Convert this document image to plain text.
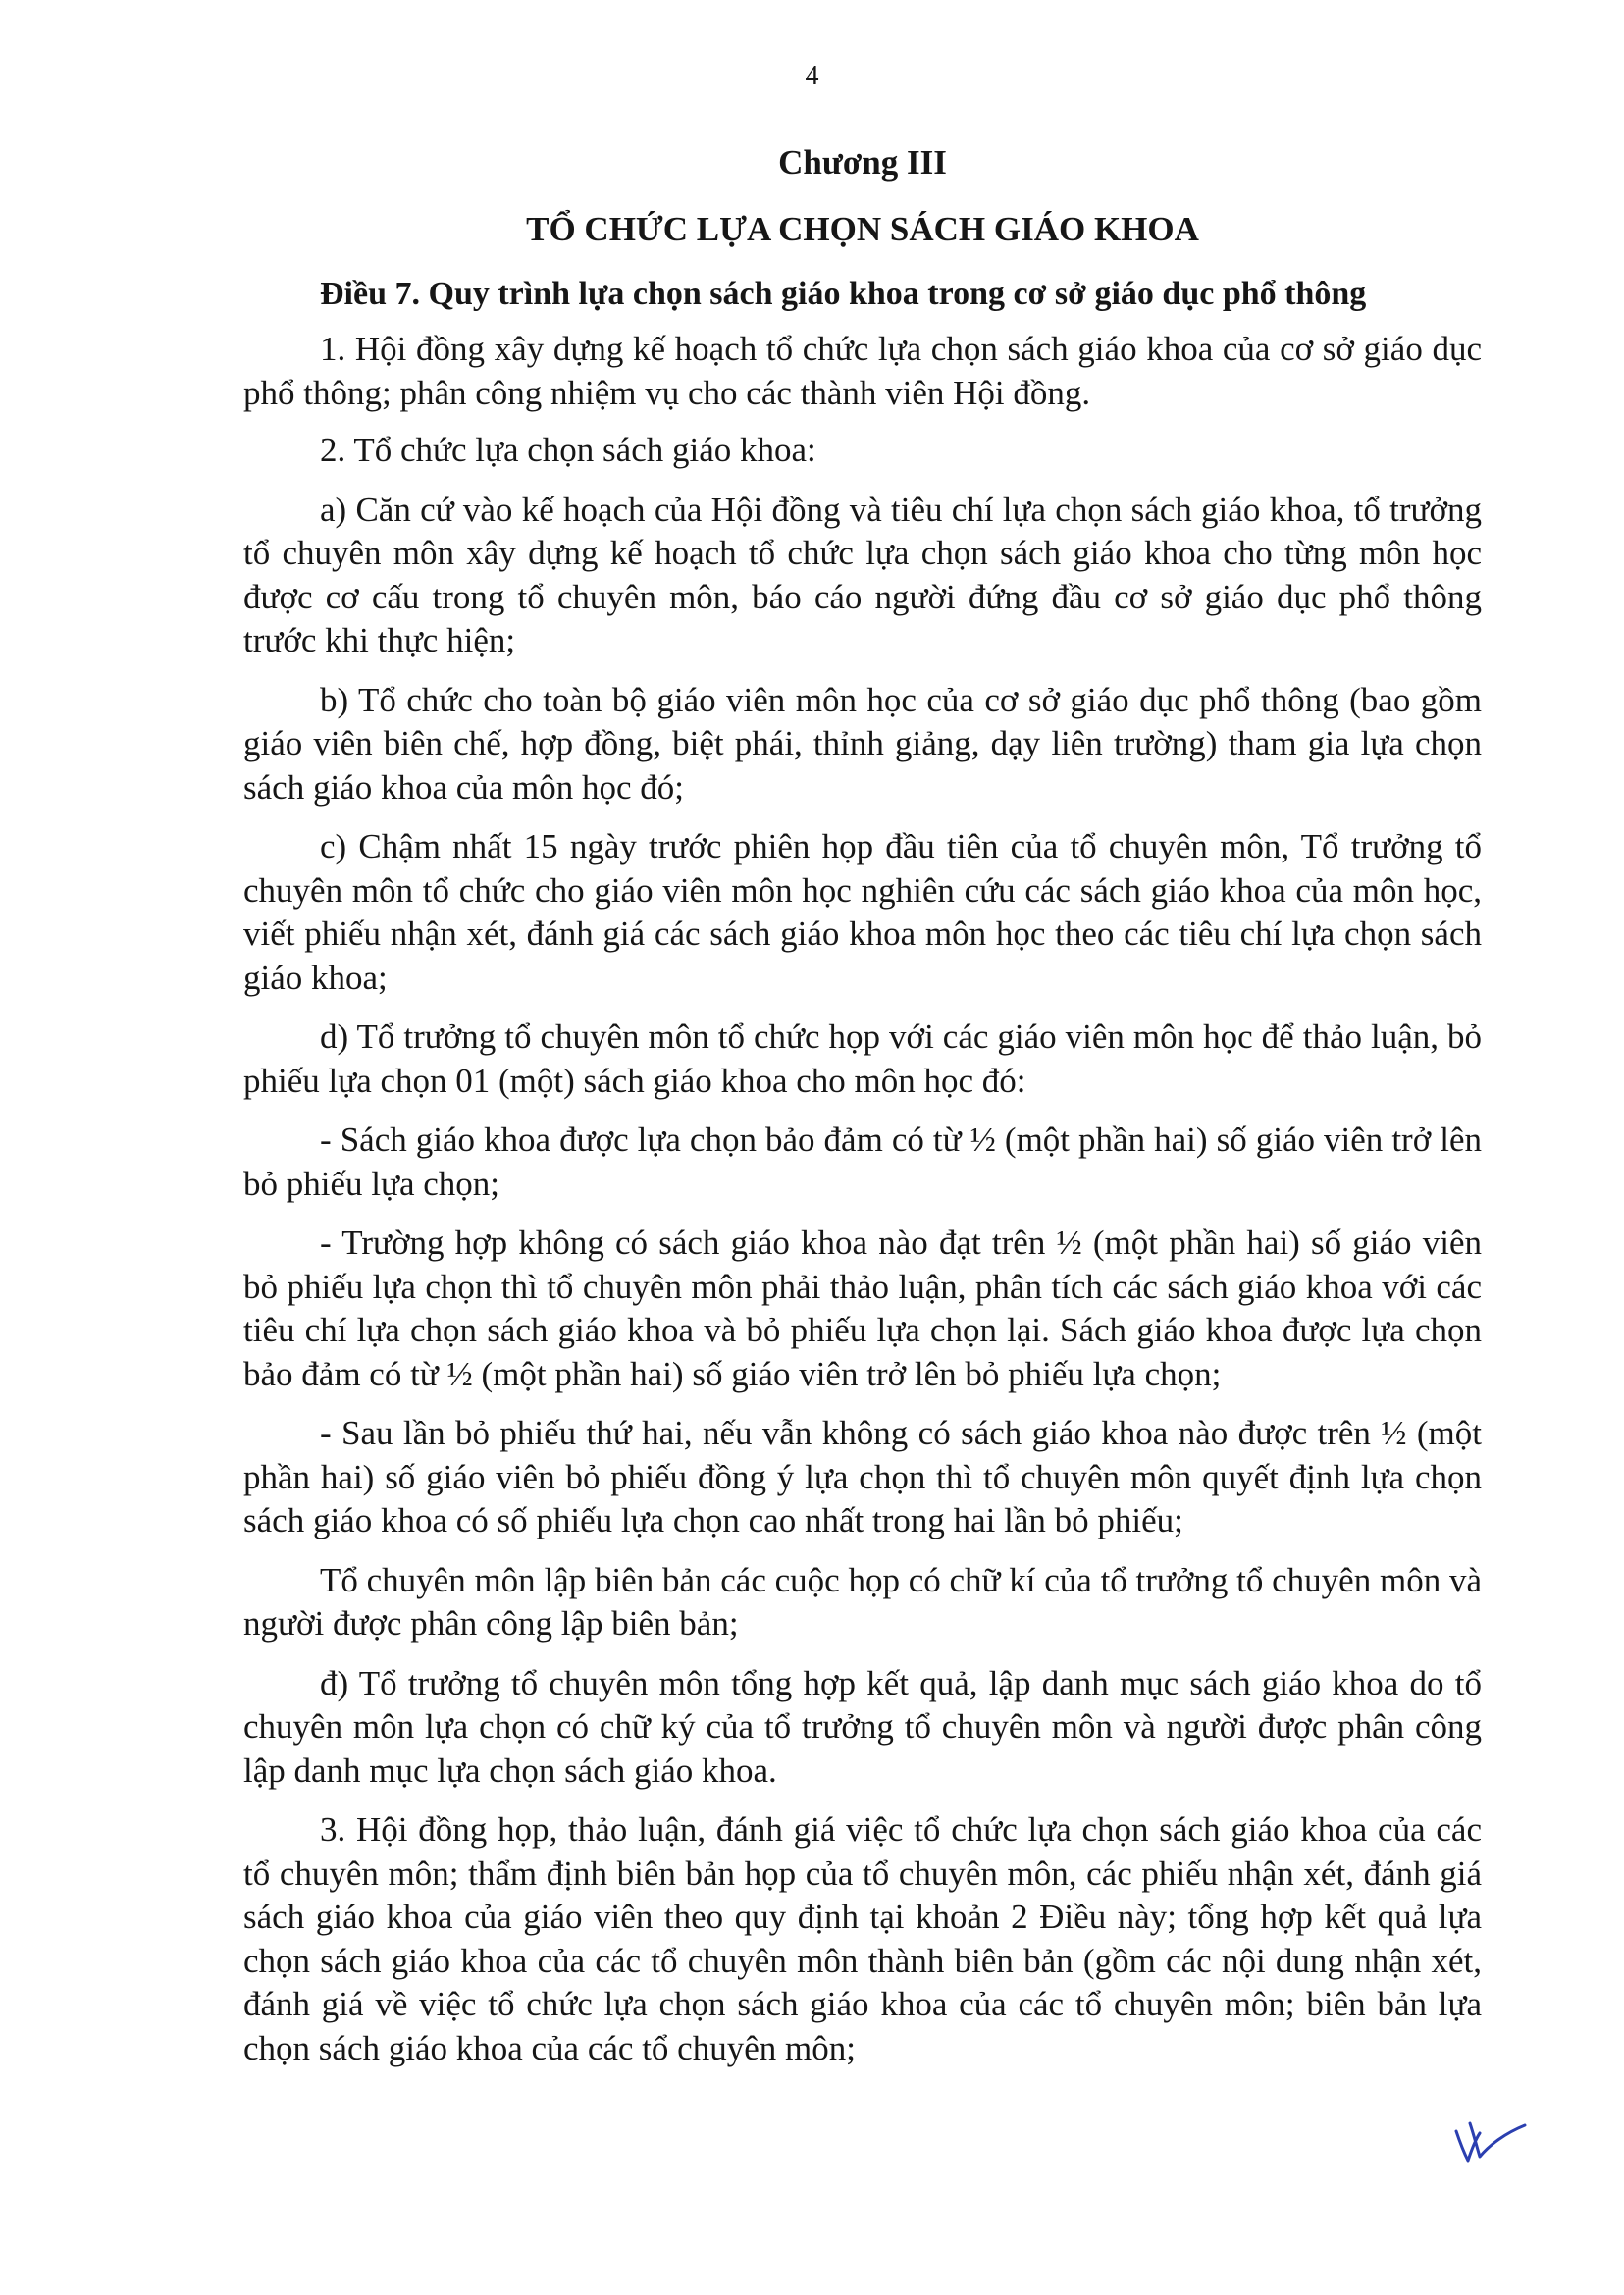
4
Chương III
TỔ CHỨC LỰA CHỌN SÁCH GIÁO KHOA
Điều 7. Quy trình lựa chọn sách giáo khoa trong cơ sở giáo dục phổ thông

1. Hội đồng xây dựng kế hoạch tổ chức lựa chọn sách giáo khoa của cơ sở giáo dục phổ thông; phân công nhiệm vụ cho các thành viên Hội đồng.

2. Tổ chức lựa chọn sách giáo khoa:

a) Căn cứ vào kế hoạch của Hội đồng và tiêu chí lựa chọn sách giáo khoa, tổ trưởng tổ chuyên môn xây dựng kế hoạch tổ chức lựa chọn sách giáo khoa cho từng môn học được cơ cấu trong tổ chuyên môn, báo cáo người đứng đầu cơ sở giáo dục phổ thông trước khi thực hiện;

b) Tổ chức cho toàn bộ giáo viên môn học của cơ sở giáo dục phổ thông (bao gồm giáo viên biên chế, hợp đồng, biệt phái, thỉnh giảng, dạy liên trường) tham gia lựa chọn sách giáo khoa của môn học đó;

c) Chậm nhất 15 ngày trước phiên họp đầu tiên của tổ chuyên môn, Tổ trưởng tổ chuyên môn tổ chức cho giáo viên môn học nghiên cứu các sách giáo khoa của môn học, viết phiếu nhận xét, đánh giá các sách giáo khoa môn học theo các tiêu chí lựa chọn sách giáo khoa;

d) Tổ trưởng tổ chuyên môn tổ chức họp với các giáo viên môn học để thảo luận, bỏ phiếu lựa chọn 01 (một) sách giáo khoa cho môn học đó:

- Sách giáo khoa được lựa chọn bảo đảm có từ ½ (một phần hai) số giáo viên trở lên bỏ phiếu lựa chọn;

- Trường hợp không có sách giáo khoa nào đạt trên ½ (một phần hai) số giáo viên bỏ phiếu lựa chọn thì tổ chuyên môn phải thảo luận, phân tích các sách giáo khoa với các tiêu chí lựa chọn sách giáo khoa và bỏ phiếu lựa chọn lại. Sách giáo khoa được lựa chọn bảo đảm có từ ½ (một phần hai) số giáo viên trở lên bỏ phiếu lựa chọn;

- Sau lần bỏ phiếu thứ hai, nếu vẫn không có sách giáo khoa nào được trên ½ (một phần hai) số giáo viên bỏ phiếu đồng ý lựa chọn thì tổ chuyên môn quyết định lựa chọn sách giáo khoa có số phiếu lựa chọn cao nhất trong hai lần bỏ phiếu;

Tổ chuyên môn lập biên bản các cuộc họp có chữ kí của tổ trưởng tổ chuyên môn và người được phân công lập biên bản;

đ) Tổ trưởng tổ chuyên môn tổng hợp kết quả, lập danh mục sách giáo khoa do tổ chuyên môn lựa chọn có chữ ký của tổ trưởng tổ chuyên môn và người được phân công lập danh mục lựa chọn sách giáo khoa.

3. Hội đồng họp, thảo luận, đánh giá việc tổ chức lựa chọn sách giáo khoa của các tổ chuyên môn; thẩm định biên bản họp của tổ chuyên môn, các phiếu nhận xét, đánh giá sách giáo khoa của giáo viên theo quy định tại khoản 2 Điều này; tổng hợp kết quả lựa chọn sách giáo khoa của các tổ chuyên môn thành biên bản (gồm các nội dung nhận xét, đánh giá về việc tổ chức lựa chọn sách giáo khoa của các tổ chuyên môn; biên bản lựa chọn sách giáo khoa của các tổ chuyên môn;
